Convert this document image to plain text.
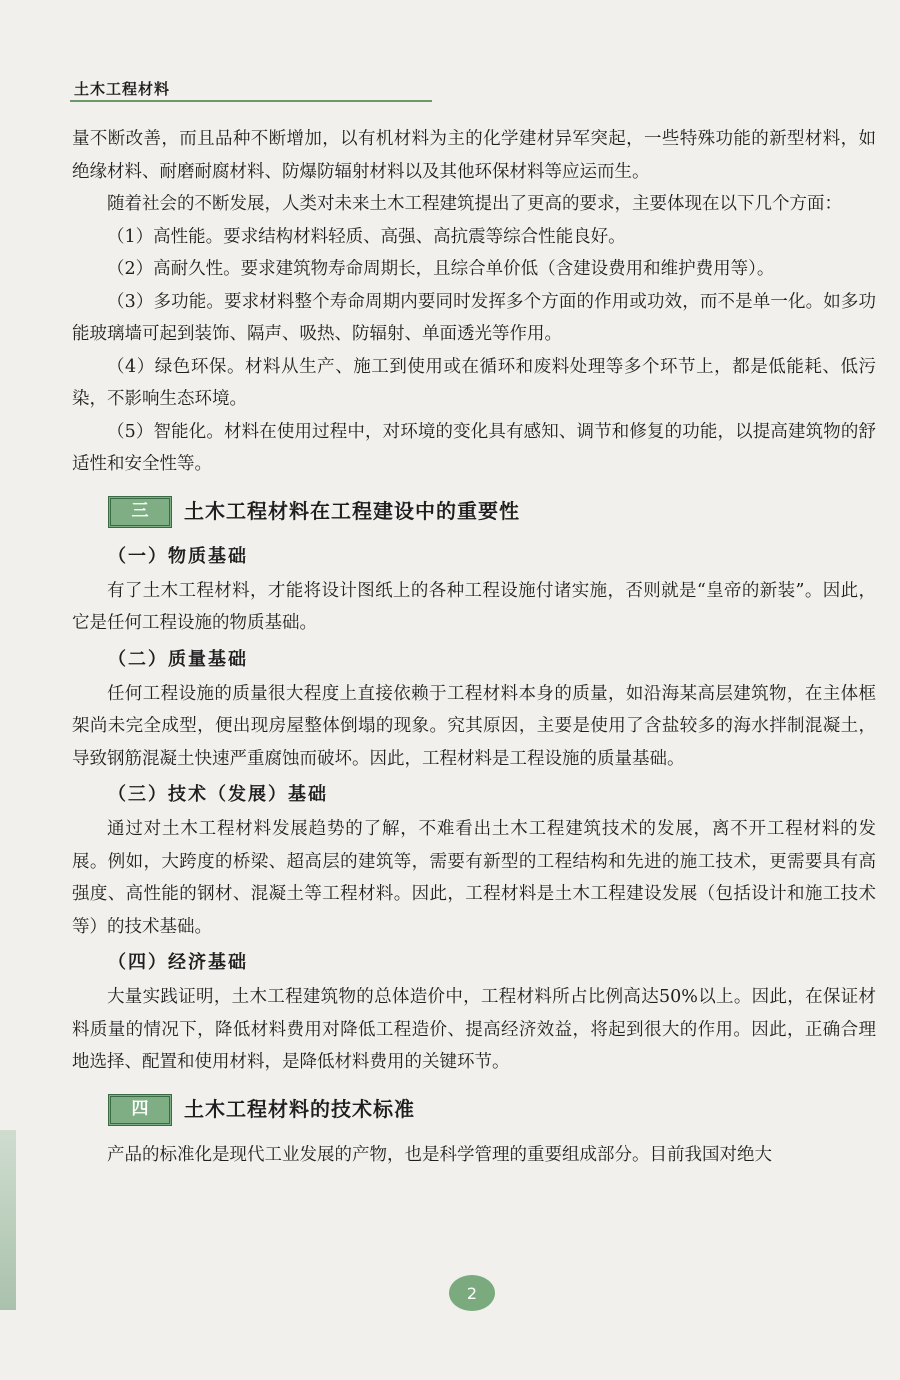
土木工程材料

量不断改善，而且品种不断增加，以有机材料为主的化学建材异军突起，一些特殊功能的新型材料，如绝缘材料、耐磨耐腐材料、防爆防辐射材料以及其他环保材料等应运而生。

随着社会的不断发展，人类对未来土木工程建筑提出了更高的要求，主要体现在以下几个方面：

（1）高性能。要求结构材料轻质、高强、高抗震等综合性能良好。

（2）高耐久性。要求建筑物寿命周期长，且综合单价低（含建设费用和维护费用等）。

（3）多功能。要求材料整个寿命周期内要同时发挥多个方面的作用或功效，而不是单一化。如多功能玻璃墙可起到装饰、隔声、吸热、防辐射、单面透光等作用。

（4）绿色环保。材料从生产、施工到使用或在循环和废料处理等多个环节上，都是低能耗、低污染，不影响生态环境。

（5）智能化。材料在使用过程中，对环境的变化具有感知、调节和修复的功能，以提高建筑物的舒适性和安全性等。

三	土木工程材料在工程建设中的重要性
（一）物质基础

有了土木工程材料，才能将设计图纸上的各种工程设施付诸实施，否则就是“皇帝的新装”。因此，它是任何工程设施的物质基础。

（二）质量基础

任何工程设施的质量很大程度上直接依赖于工程材料本身的质量，如沿海某高层建筑物，在主体框架尚未完全成型，便出现房屋整体倒塌的现象。究其原因，主要是使用了含盐较多的海水拌制混凝土，导致钢筋混凝土快速严重腐蚀而破坏。因此，工程材料是工程设施的质量基础。

（三）技术（发展）基础

通过对土木工程材料发展趋势的了解，不难看出土木工程建筑技术的发展，离不开工程材料的发展。例如，大跨度的桥梁、超高层的建筑等，需要有新型的工程结构和先进的施工技术，更需要具有高强度、高性能的钢材、混凝土等工程材料。因此，工程材料是土木工程建设发展（包括设计和施工技术等）的技术基础。

（四）经济基础

大量实践证明，土木工程建筑物的总体造价中，工程材料所占比例高达50%以上。因此，在保证材料质量的情况下，降低材料费用对降低工程造价、提高经济效益，将起到很大的作用。因此，正确合理地选择、配置和使用材料，是降低材料费用的关键环节。

四	土木工程材料的技术标准

产品的标准化是现代工业发展的产物，也是科学管理的重要组成部分。目前我国对绝大

2
